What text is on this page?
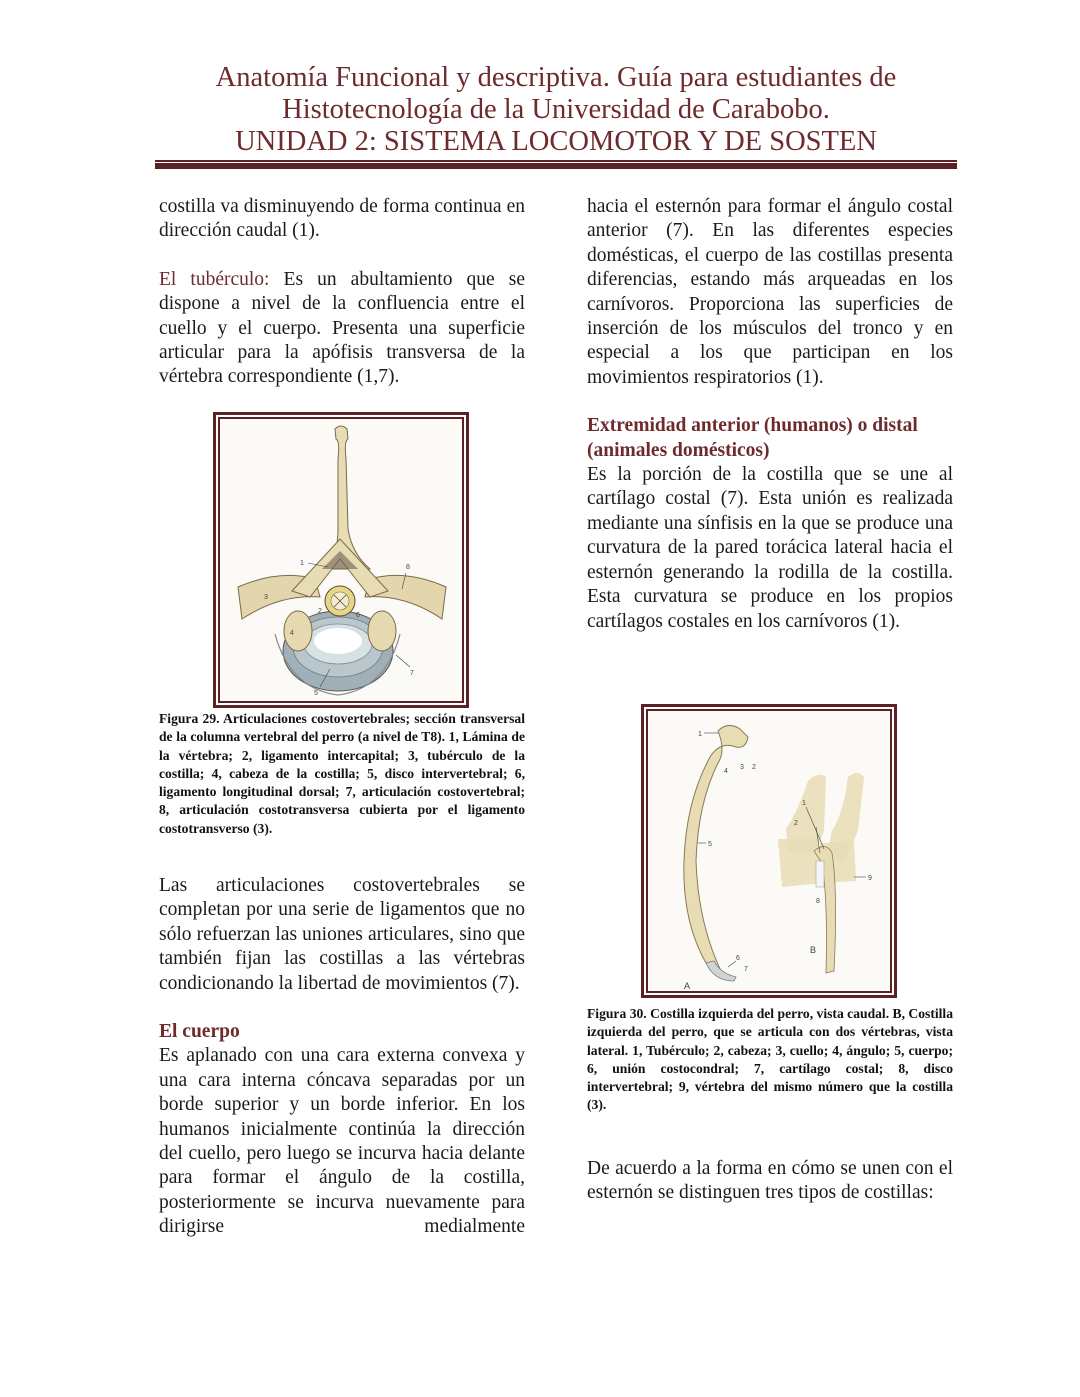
Anatomía Funcional y descriptiva. Guía para estudiantes de
Histotecnología de la Universidad de Carabobo.
UNIDAD 2: SISTEMA LOCOMOTOR Y DE SOSTEN

costilla va disminuyendo de forma continua en dirección caudal (1).

El tubérculo: Es un abultamiento que se dispone a nivel de la confluencia entre el cuello y el cuerpo. Presenta una superficie articular para la apófisis transversa de la vértebra correspondiente (1,7).

1
2
3
4
5
6
7
8

Figura 29. Articulaciones costovertebrales; sección transversal de la columna vertebral del perro (a nivel de T8). 1, Lámina de la vértebra; 2, ligamento intercapital; 3, tubérculo de la costilla; 4, cabeza de la costilla; 5, disco intervertebral; 6, ligamento longitudinal dorsal; 7, articulación costovertebral; 8, articulación costotransversa cubierta por el ligamento costotransverso (3).

Las articulaciones costovertebrales se completan por una serie de ligamentos que no sólo refuerzan las uniones articulares, sino que también fijan las costillas a las vértebras condicionando la libertad de movimientos (7).

El cuerpo

Es aplanado con una cara externa convexa y una cara interna cóncava separadas por un borde superior y un borde inferior. En los humanos inicialmente continúa la dirección del cuello, pero luego se incurva hacia delante para formar el ángulo de la costilla, posteriormente se incurva nuevamente para dirigirse medialmente

hacia el esternón para formar el ángulo costal anterior (7). En las diferentes especies domésticas, el cuerpo de las costillas presenta diferencias, estando más arqueadas en los carnívoros. Proporciona las superficies de inserción de los músculos del tronco y en especial a los que participan en los movimientos respiratorios (1).

Extremidad anterior (humanos) o distal (animales domésticos)

Es la porción de la costilla que se une al cartílago costal (7). Esta unión es realizada mediante una sínfisis en la que se produce una curvatura de la pared torácica lateral hacia el esternón generando la rodilla de la costilla. Esta curvatura se produce en los propios cartílagos costales en los carnívoros (1).

1
2
3
4
5
6
7
1
2
8
9
A
B

Figura 30. Costilla izquierda del perro, vista caudal. B, Costilla izquierda del perro, que se articula con dos vértebras, vista lateral. 1, Tubérculo; 2, cabeza; 3, cuello; 4, ángulo; 5, cuerpo; 6, unión costocondral; 7, cartílago costal; 8, disco intervertebral; 9, vértebra del mismo número que la costilla (3).

De acuerdo a la forma en cómo se unen con el esternón se distinguen tres tipos de costillas:
